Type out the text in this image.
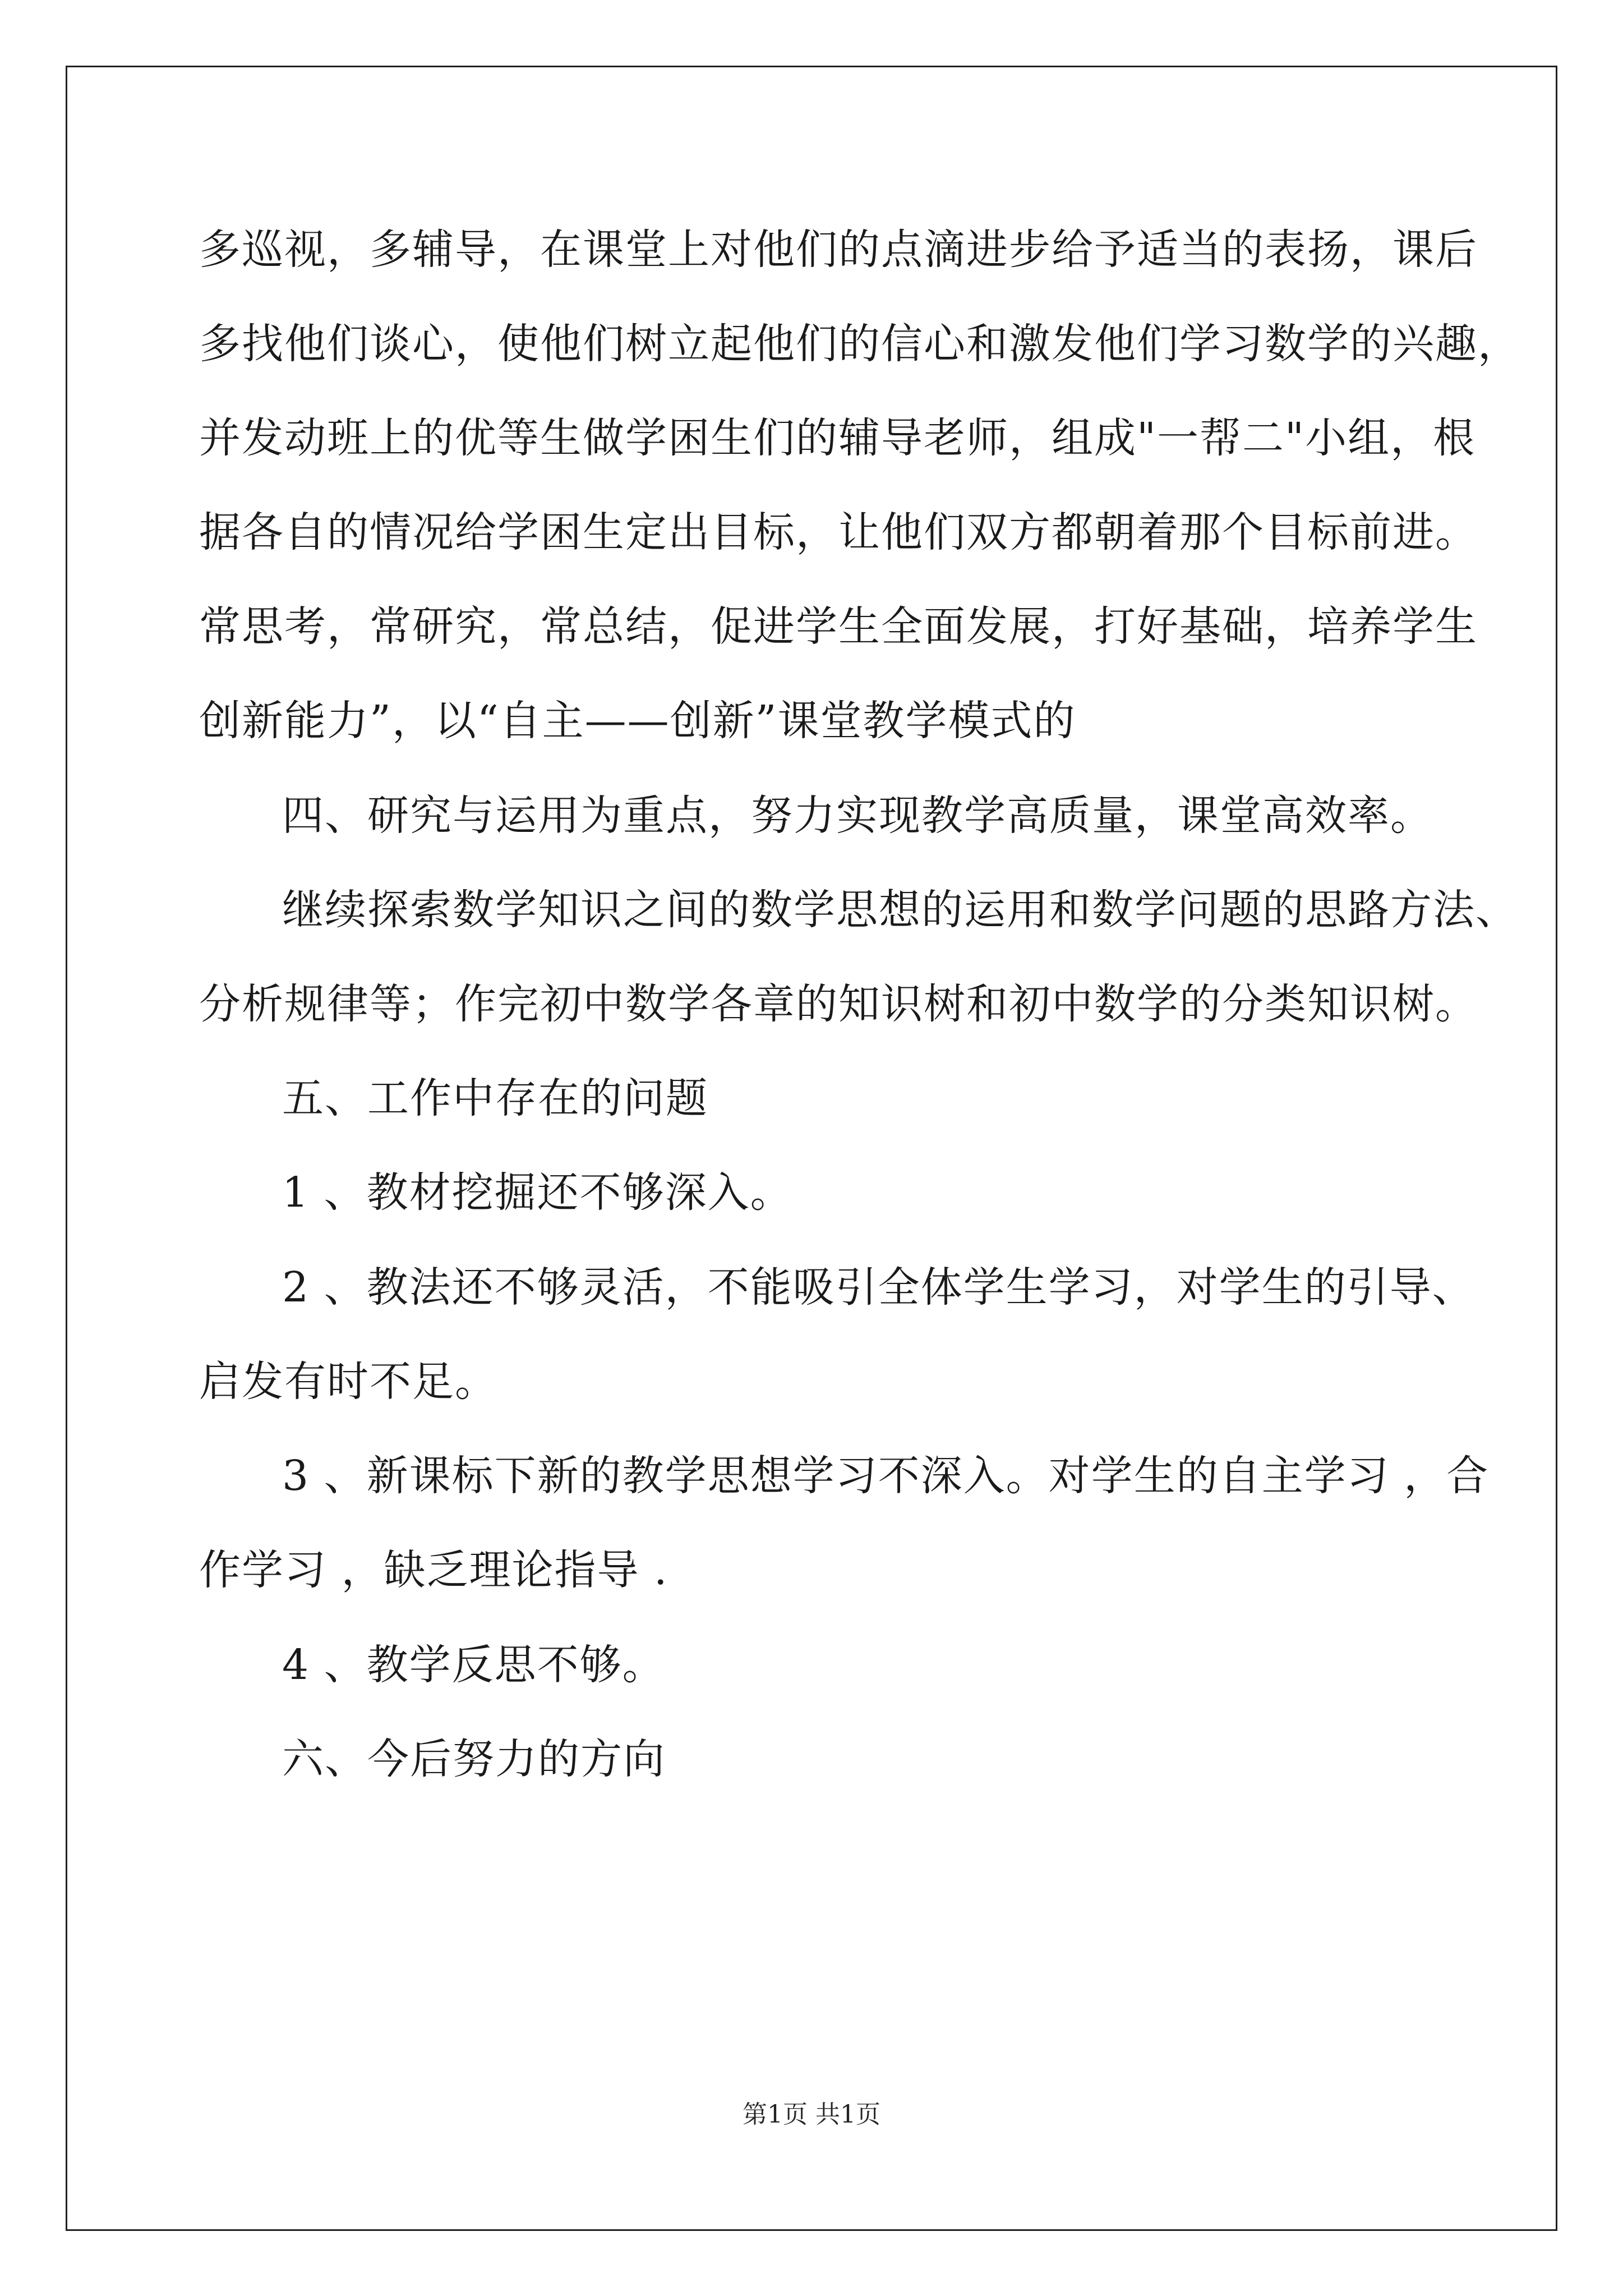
多巡视，多辅导，在课堂上对他们的点滴进步给予适当的表扬，课后
多找他们谈心，使他们树立起他们的信心和激发他们学习数学的兴趣，
并发动班上的优等生做学困生们的辅导老师，组成"一帮二"小组，根
据各自的情况给学困生定出目标，让他们双方都朝着那个目标前进。
常思考，常研究，常总结，促进学生全面发展，打好基础，培养学生
创新能力”，以“自主——创新”课堂教学模式的
四、研究与运用为重点，努力实现教学高质量，课堂高效率。
继续探索数学知识之间的数学思想的运用和数学问题的思路方法、
分析规律等；作完初中数学各章的知识树和初中数学的分类知识树。
五、工作中存在的问题
1 、教材挖掘还不够深入。
2 、教法还不够灵活，不能吸引全体学生学习，对学生的引导、
启发有时不足。
3 、新课标下新的教学思想学习不深入。对学生的自主学习 ，合
作学习 ，缺乏理论指导 .
4 、教学反思不够。
六、今后努力的方向
第1页 共1页
